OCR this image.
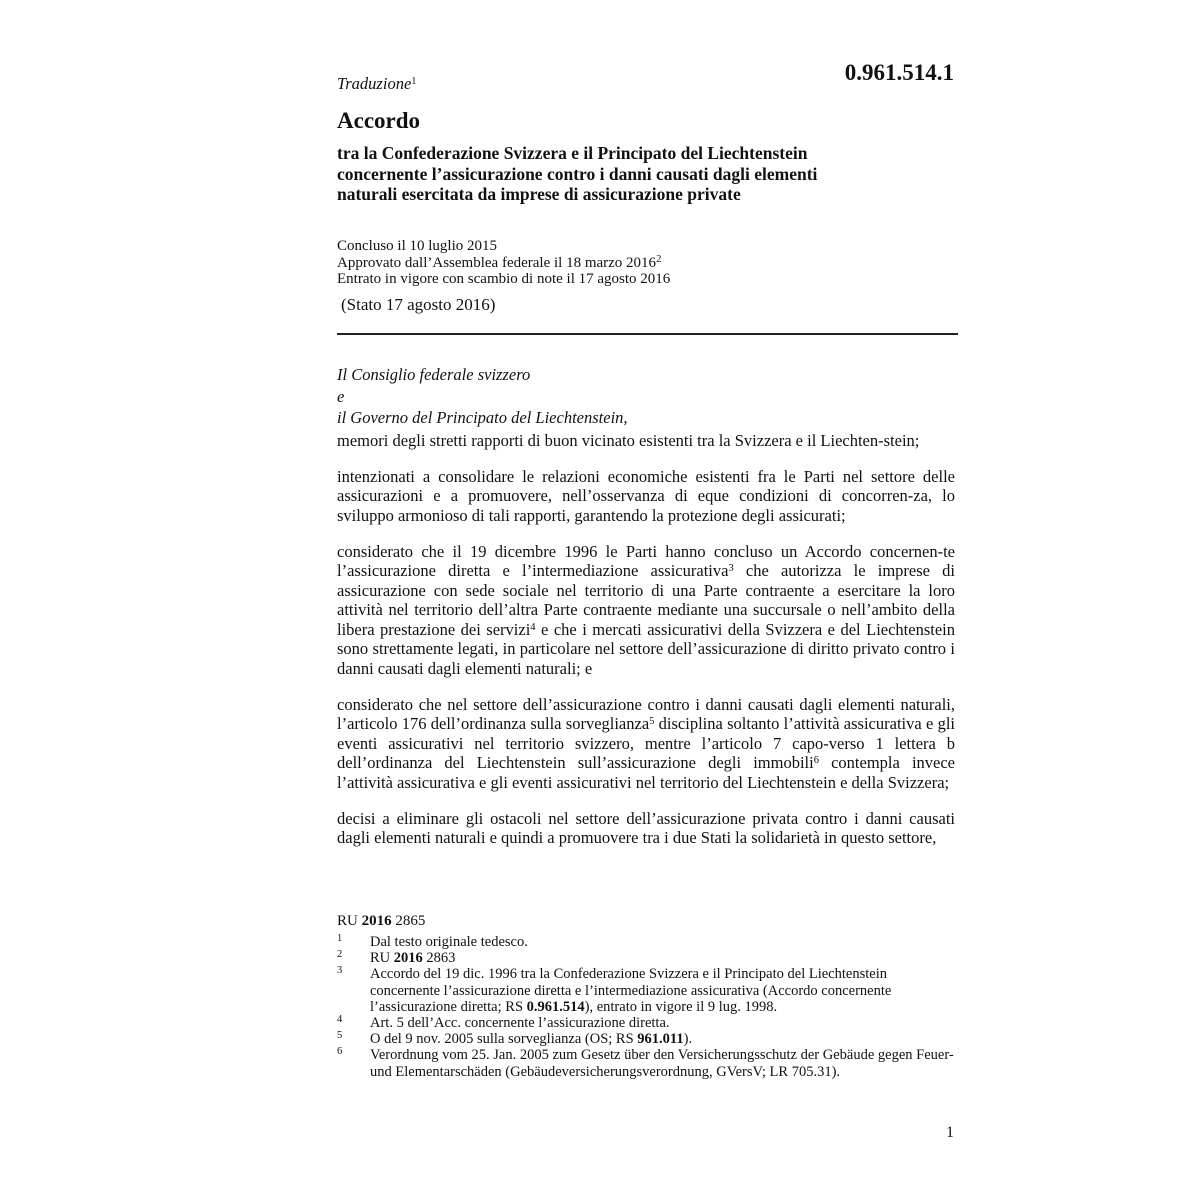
0.961.514.1
Traduzione$^1$
Accordo
tra la Confederazione Svizzera e il Principato del Liechtenstein
concernente l’assicurazione contro i danni causati dagli elementi
naturali esercitata da imprese di assicurazione private
Concluso il 10 luglio 2015
Approvato dall’Assemblea federale il 18 marzo 2016$^2$
Entrato in vigore con scambio di note il 17 agosto 2016
(Stato 17 agosto 2016)
Il Consiglio federale svizzero
e
il Governo del Principato del Liechtenstein,

memori degli stretti rapporti di buon vicinato esistenti tra la Svizzera e il Liechten-stein;

intenzionati a consolidare le relazioni economiche esistenti fra le Parti nel settore delle assicurazioni e a promuovere, nell’osservanza di eque condizioni di concorren-za, lo sviluppo armonioso di tali rapporti, garantendo la protezione degli assicurati;

considerato che il 19 dicembre 1996 le Parti hanno concluso un Accordo concernen-te l’assicurazione diretta e l’intermediazione assicurativa$^3$ che autorizza le imprese di assicurazione con sede sociale nel territorio di una Parte contraente a esercitare la loro attività nel territorio dell’altra Parte contraente mediante una succursale o nell’ambito della libera prestazione dei servizi$^4$ e che i mercati assicurativi della Svizzera e del Liechtenstein sono strettamente legati, in particolare nel settore dell’assicurazione di diritto privato contro i danni causati dagli elementi naturali; e

considerato che nel settore dell’assicurazione contro i danni causati dagli elementi naturali, l’articolo 176 dell’ordinanza sulla sorveglianza$^5$ disciplina soltanto l’attività assicurativa e gli eventi assicurativi nel territorio svizzero, mentre l’articolo 7 capo-verso 1 lettera b dell’ordinanza del Liechtenstein sull’assicurazione degli immobili$^6$ contempla invece l’attività assicurativa e gli eventi assicurativi nel territorio del Liechtenstein e della Svizzera;

decisi a eliminare gli ostacoli nel settore dell’assicurazione privata contro i danni causati dagli elementi naturali e quindi a promuovere tra i due Stati la solidarietà in questo settore,

RU 2016 2865
1 Dal testo originale tedesco.
2 RU 2016 2863
3 Accordo del 19 dic. 1996 tra la Confederazione Svizzera e il Principato del Liechtenstein concernente l’assicurazione diretta e l’intermediazione assicurativa (Accordo concernente l’assicurazione diretta; RS 0.961.514), entrato in vigore il 9 lug. 1998.
4 Art. 5 dell’Acc. concernente l’assicurazione diretta.
5 O del 9 nov. 2005 sulla sorveglianza (OS; RS 961.011).
6 Verordnung vom 25. Jan. 2005 zum Gesetz über den Versicherungsschutz der Gebäude gegen Feuer- und Elementarschäden (Gebäudeversicherungsverordnung, GVersV; LR 705.31).
1
